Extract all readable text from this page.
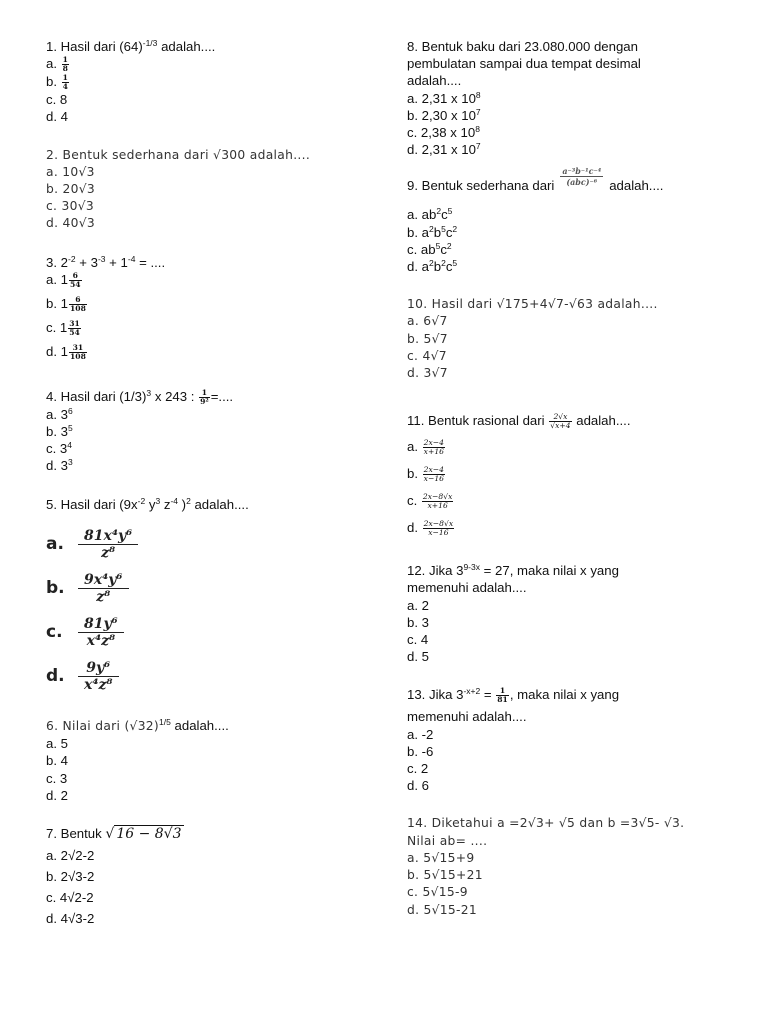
1. Hasil dari $(64)^{-1/3}$ adalah....
a. $\frac{1}{8}$
b. $\frac{1}{4}$
c. 8
d. 4
2. Bentuk sederhana dari √300 adalah....
a. 10√3
b. 20√3
c. 30√3
d. 40√3
3. $2^{-2} + 3^{-3} + 1^{-4}$ = ....
a. $1 \frac{6}{54}$
b. $1 \frac{6}{108}$
c. $1 \frac{31}{54}$
d. $1 \frac{31}{108}$
4. Hasil dari $(1/3)^3$ x 243 : $\frac{1}{\text{9²}}$ =....
a. $3^6$
b. $3^5$
c. $3^4$
d. $3^3$
5. Hasil dari ($9x^{-2}$ $y^3$ $z^{-4}$ )$^2$ adalah....
a.	$\frac{\text{81x⁴y⁶}}{\text{z⁸}}$
b. $\frac{\text{9x⁴y⁶}}{\text{z⁸}}$
c.	$\frac{\text{81y⁶}}{\text{x⁴z⁸}}$
d. $\frac{\text{9y⁶}}{\text{x⁴z⁸}}$
6. Nilai dari $(√32)^{1/5}$ adalah....
a. 5
b. 4
c. 3
d. 2
7. Bentuk √ 16 − 8√3
a. 2√2-2
b. 2√3-2
c. 4√2-2
d. 4√3-2
8. Bentuk baku dari 23.080.000 dengan
pembulatan sampai dua tempat desimal
adalah....
a. 2,31 x $10^8$
b. 2,30 x $10^7$
c. 2,38 x $10^8$
d. 2,31 x $10^7$
9. Bentuk sederhana dari $\frac{\text{a⁻³b⁻¹c⁻⁴}}{\text{(abc)⁻⁶}}$ adalah....
a. $ab^2c^5$
b. $a^2b^5c^2$
c. $ab^5c^2$
d. $a^2b^2c^5$
10. Hasil dari √175+4√7-√63 adalah....
a. 6√7
b. 5√7
c. 4√7
d. 3√7
11. Bentuk rasional dari $\frac{2√x}{√x+4}$ adalah....
a. $\frac{2x-4}{x+16}$
b. $\frac{2x-4}{x-16}$
c. $\frac{2x-8√x}{x+16}$
d. $\frac{2x-8√x}{x-16}$
12. Jika $3^{9-3x} = 27$, maka nilai x yang
memenuhi adalah....
a. 2
b. 3
c. 4
d. 5
13. Jika $3^{-x+2} = \frac{1}{81}$ , maka nilai x yang
memenuhi adalah....
a. -2
b. -6
c. 2
d. 6
14. Diketahui a =2√3+ √5 dan b =3√5- √3.
Nilai ab= ....
a. 5√15+9
b. 5√15+21
c. 5√15-9
d. 5√15-21
